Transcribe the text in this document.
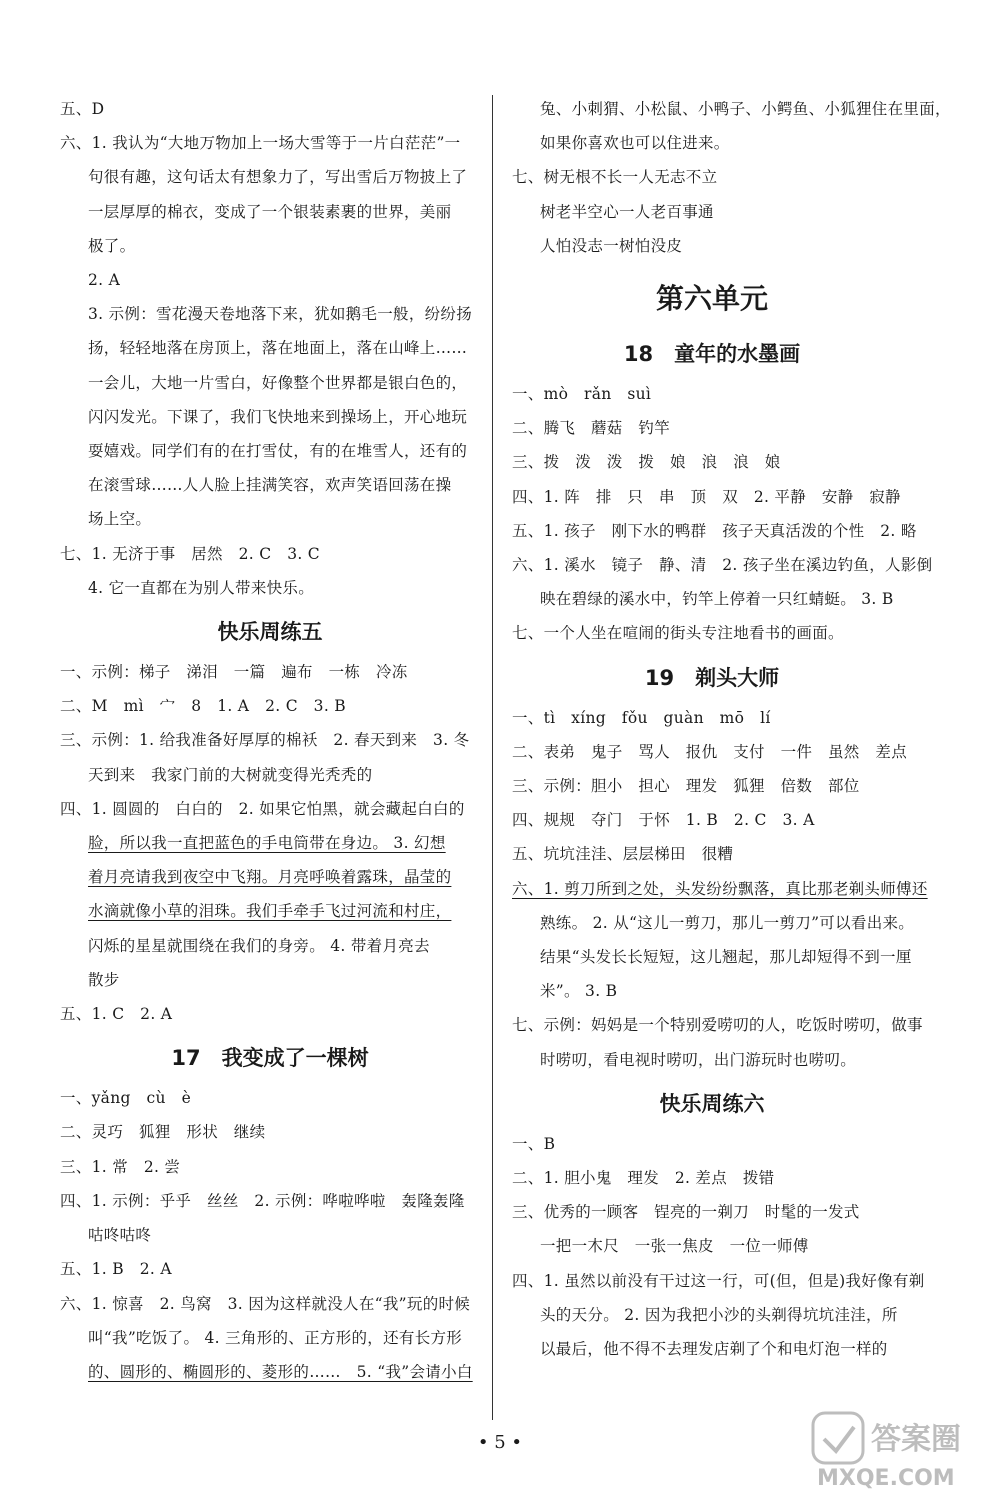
五、D
六、1. 我认为“大地万物加上一场大雪等于一片白茫茫”一
句很有趣，这句话太有想象力了，写出雪后万物披上了
一层厚厚的棉衣，变成了一个银装素裹的世界，美丽
极了。
2. A
3. 示例：雪花漫天卷地落下来，犹如鹅毛一般，纷纷扬
扬，轻轻地落在房顶上，落在地面上，落在山峰上……
一会儿，大地一片雪白，好像整个世界都是银白色的，
闪闪发光。下课了，我们飞快地来到操场上，开心地玩
耍嬉戏。同学们有的在打雪仗，有的在堆雪人，还有的
在滚雪球……人人脸上挂满笑容，欢声笑语回荡在操
场上空。
七、1. 无济于事　居然　2. C　3. C
4. 它一直都在为别人带来快乐。
快乐周练五
一、示例：梯子　涕泪　一篇　遍布　一栋　冷冻
二、M　mì　宀　8　1. A　2. C　3. B
三、示例：1. 给我准备好厚厚的棉袄　2. 春天到来　3. 冬
天到来　我家门前的大树就变得光秃秃的
四、1. 圆圆的　白白的　2. 如果它怕黑，就会藏起白白的
脸，所以我一直把蓝色的手电筒带在身边。 3. 幻想
着月亮请我到夜空中飞翔。月亮呼唤着露珠，晶莹的
水滴就像小草的泪珠。我们手牵手飞过河流和村庄，
闪烁的星星就围绕在我们的身旁。 4. 带着月亮去
散步
五、1. C　2. A
17　我变成了一棵树
一、yǎng　cù　è
二、灵巧　狐狸　形状　继续
三、1. 常　2. 尝
四、1. 示例：乎乎　丝丝　2. 示例：哗啦哗啦　轰隆轰隆
咕咚咕咚
五、1. B　2. A
六、1. 惊喜　2. 鸟窝　3. 因为这样就没人在“我”玩的时候
叫“我”吃饭了。 4. 三角形的、正方形的，还有长方形
的、圆形的、椭圆形的、菱形的……　5. “我”会请小白
兔、小刺猬、小松鼠、小鸭子、小鳄鱼、小狐狸住在里面，
如果你喜欢也可以住进来。
七、树无根不长一人无志不立
树老半空心一人老百事通
人怕没志一树怕没皮
第六单元
18　童年的水墨画
一、mò　rǎn　suì
二、腾飞　蘑菇　钓竿
三、拨　泼　泼　拨　娘　浪　浪　娘
四、1. 阵　排　只　串　顶　双　2. 平静　安静　寂静
五、1. 孩子　刚下水的鸭群　孩子天真活泼的个性　2. 略
六、1. 溪水　镜子　静、清　2. 孩子坐在溪边钓鱼，人影倒
映在碧绿的溪水中，钓竿上停着一只红蜻蜓。 3. B
七、一个人坐在喧闹的街头专注地看书的画面。
19　剃头大师
一、tì　xíng　fǒu　guàn　mō　lí
二、表弟　鬼子　骂人　报仇　支付　一件　虽然　差点
三、示例：胆小　担心　理发　狐狸　倍数　部位
四、规规　夺门　于怀　1. B　2. C　3. A
五、坑坑洼洼、层层梯田　很糟
六、1. 剪刀所到之处，头发纷纷飘落，真比那老剃头师傅还
熟练。 2. 从“这儿一剪刀，那儿一剪刀”可以看出来。
结果“头发长长短短，这儿翘起，那儿却短得不到一厘
米”。 3. B
七、示例：妈妈是一个特别爱唠叨的人，吃饭时唠叨，做事
时唠叨，看电视时唠叨，出门游玩时也唠叨。
快乐周练六
一、B
二、1. 胆小鬼　理发　2. 差点　拨错
三、优秀的一顾客　锃亮的一剃刀　时髦的一发式
一把一木尺　一张一焦皮　一位一师傅
四、1. 虽然以前没有干过这一行，可(但，但是)我好像有剃
头的天分。 2. 因为我把小沙的头剃得坑坑洼洼，所
以最后，他不得不去理发店剃了个和电灯泡一样的
• 5 •	答案圈
MXQE.COM
